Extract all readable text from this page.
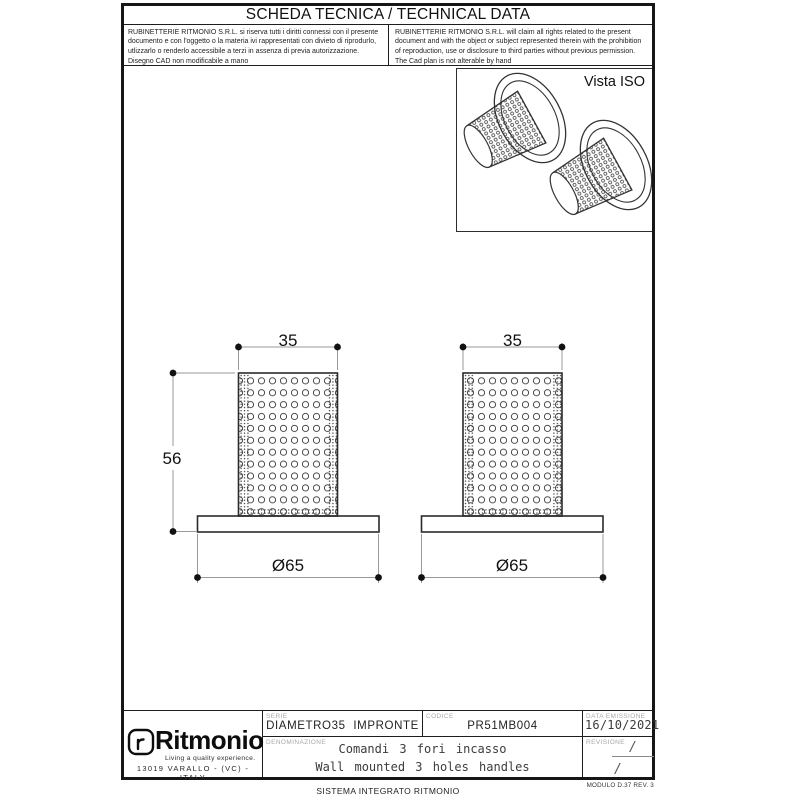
SCHEDA TECNICA / TECHNICAL DATA
RUBINETTERIE RITMONIO S.R.L. si riserva tutti i diritti connessi con il presente documento e con l'oggetto o la materia ivi rappresentati con divieto di riprodurlo, utlizzarlo o renderlo accessibile a terzi in assenza di previa autorizzazione. Disegno CAD non modificabile a mano
RUBINETTERIE RITMONIO S.R.L. will claim all rights related to the present document and with the object or subject represented therein with the prohibition of reproduction, use or disclosure to third parties without previous permission. The Cad plan is not alterable by hand
Vista ISO
35
56
Ø65
35
Ø65
Ritmonio
Living a quality experience.
13019 VARALLO - (VC) - ITALY
SERIE
DIAMETRO35 IMPRONTE
CODICE
PR51MB004
DATA EMISSIONE
16/10/2021
DENOMINAZIONE
Comandi 3 fori incasso
Wall mounted 3 holes handles
REVISIONE /
/
SISTEMA INTEGRATO RITMONIO
MODULO D.37 REV. 3
